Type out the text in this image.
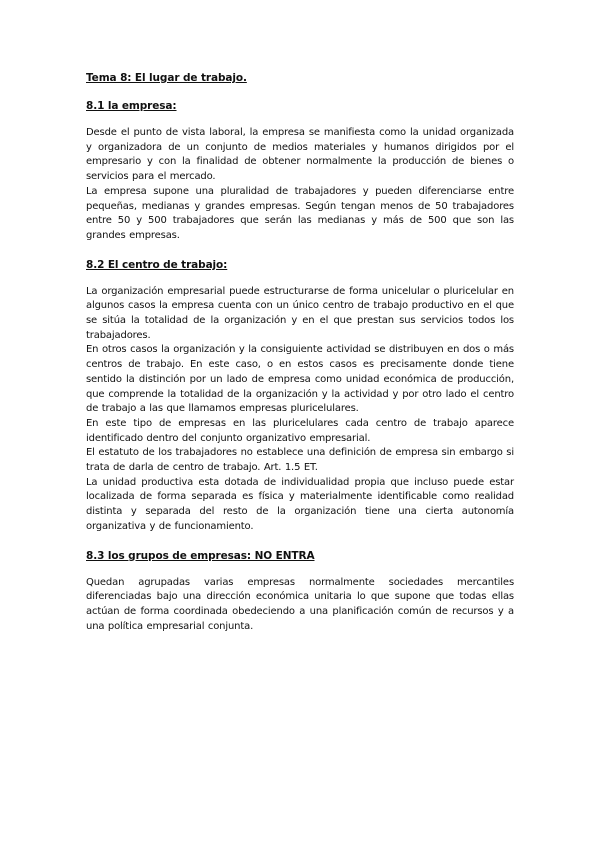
Tema 8: El lugar de trabajo.

8.1 la empresa:

Desde el punto de vista laboral, la empresa se manifiesta como la unidad organizada y organizadora de un conjunto de medios materiales y humanos dirigidos por el empresario y con la finalidad de obtener normalmente la producción de bienes o servicios para el mercado.

La empresa supone una pluralidad de trabajadores y pueden diferenciarse entre pequeñas, medianas y grandes empresas. Según tengan menos de 50 trabajadores entre 50 y 500 trabajadores que serán las medianas y más de 500 que son las grandes empresas.

8.2 El centro de trabajo:

La organización empresarial puede estructurarse de forma unicelular o pluricelular en algunos casos la empresa cuenta con un único centro de trabajo productivo en el que se sitúa la totalidad de la organización y en el que prestan sus servicios todos los trabajadores.

En otros casos la organización y la consiguiente actividad se distribuyen en dos o más centros de trabajo. En este caso, o en estos casos es precisamente donde tiene sentido la distinción por un lado de empresa como unidad económica de producción, que comprende la totalidad de la organización y la actividad y por otro lado el centro de trabajo a las que llamamos empresas pluricelulares.

En este tipo de empresas en las pluricelulares cada centro de trabajo aparece identificado dentro del conjunto organizativo empresarial.

El estatuto de los trabajadores no establece una definición de empresa sin embargo si trata de darla de centro de trabajo. Art. 1.5 ET.

La unidad productiva esta dotada de individualidad propia que incluso puede estar localizada de forma separada es física y materialmente identificable como realidad distinta y separada del resto de la organización tiene una cierta autonomía organizativa y de funcionamiento.

8.3 los grupos de empresas: NO ENTRA

Quedan agrupadas varias empresas normalmente sociedades mercantiles diferenciadas bajo una dirección económica unitaria lo que supone que todas ellas actúan de forma coordinada obedeciendo a una planificación común de recursos y a una política empresarial conjunta.
